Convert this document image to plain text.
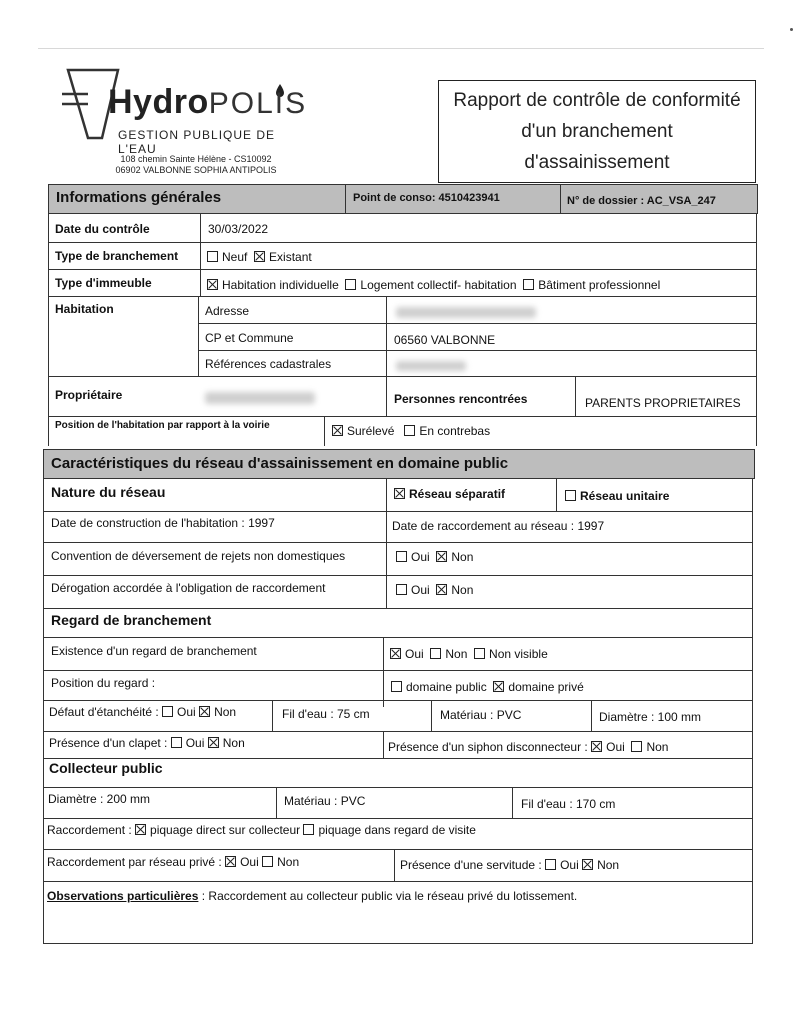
HydroPOLIS
GESTION PUBLIQUE DE L'EAU
108 chemin Sainte Hélène - CS10092
06902 VALBONNE SOPHIA ANTIPOLIS
Rapport de contrôle de conformité d'un branchement d'assainissement
Informations générales	Point de conso: 4510423941	N° de dossier : AC_VSA_247
Date du contrôle	30/03/2022
Type de branchement	Neuf Existant
Type d'immeuble	Habitation individuelle Logement collectif- habitation Bâtiment professionnel
Habitation	Adresse
CP et Commune	06560 VALBONNE
Références cadastrales
Propriétaire	Personnes rencontrées	PARENTS PROPRIETAIRES
Position de l'habitation par rapport à la voirie	Surélevé En contrebas
Caractéristiques du réseau d'assainissement en domaine public
Nature du réseau	Réseau séparatif	Réseau unitaire
Date de construction de l'habitation : 1997	Date de raccordement au réseau : 1997
Convention de déversement de rejets non domestiques	Oui Non
Dérogation accordée à l'obligation de raccordement	Oui Non
Regard de branchement
Existence d'un regard de branchement	Oui Non Non visible
Position du regard :	domaine public domaine privé
Défaut d'étanchéité : Oui Non	Fil d'eau : 75 cm	Matériau : PVC	Diamètre : 100 mm
Présence d'un clapet : Oui Non	Présence d'un siphon disconnecteur : Oui Non
Collecteur public
Diamètre : 200 mm	Matériau : PVC	Fil d'eau : 170 cm
Raccordement : piquage direct sur collecteur piquage dans regard de visite
Raccordement par réseau privé : Oui Non	Présence d'une servitude : Oui Non
Observations particulières : Raccordement au collecteur public via le réseau privé du lotissement.
